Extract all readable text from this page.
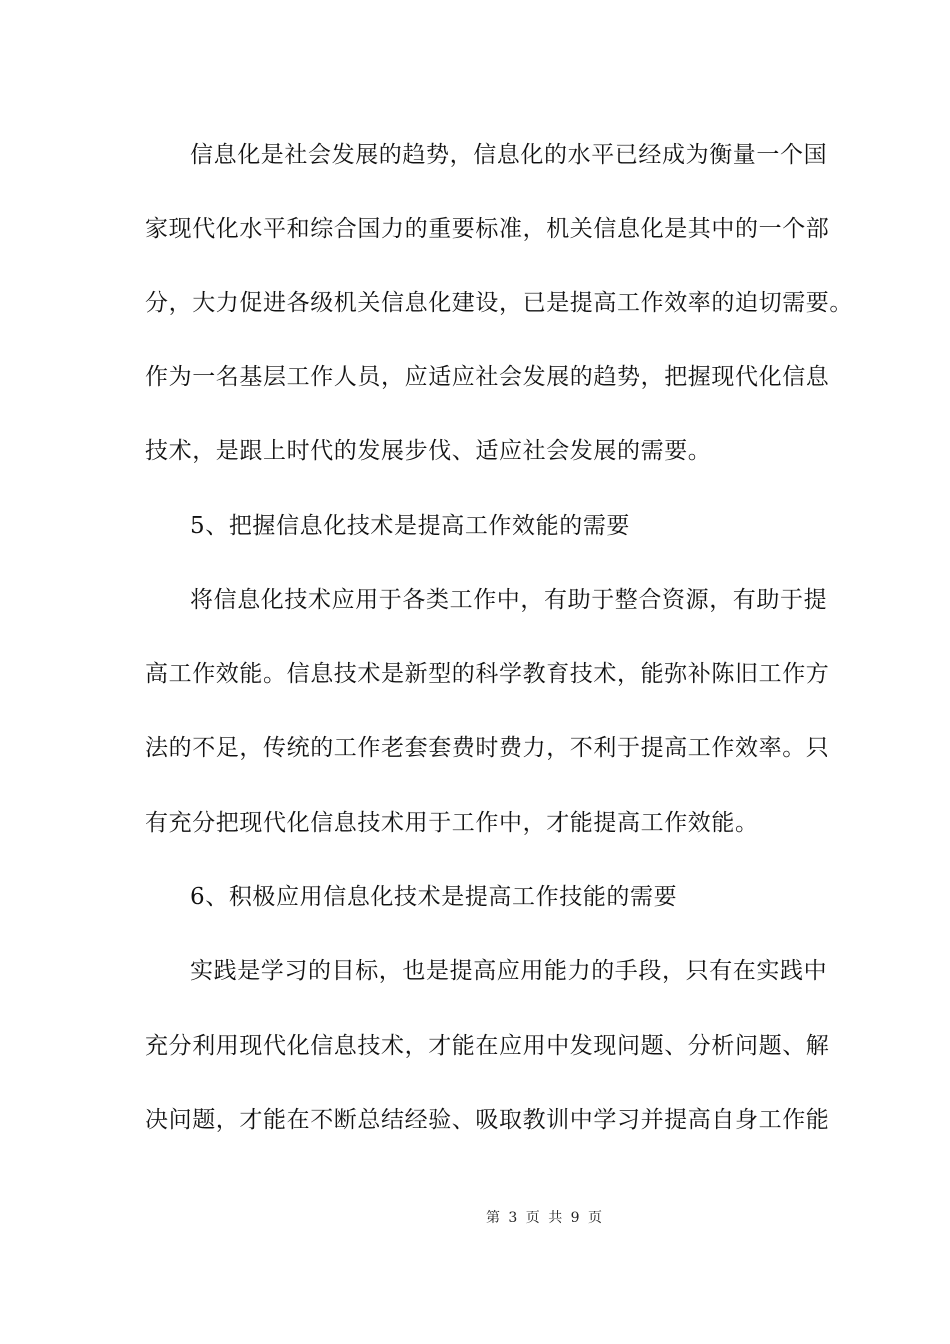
信息化是社会发展的趋势，信息化的水平已经成为衡量一个国
家现代化水平和综合国力的重要标准，机关信息化是其中的一个部
分，大力促进各级机关信息化建设，已是提高工作效率的迫切需要。
作为一名基层工作人员，应适应社会发展的趋势，把握现代化信息
技术，是跟上时代的发展步伐、适应社会发展的需要。
5、把握信息化技术是提高工作效能的需要
将信息化技术应用于各类工作中，有助于整合资源，有助于提
高工作效能。信息技术是新型的科学教育技术，能弥补陈旧工作方
法的不足，传统的工作老套套费时费力，不利于提高工作效率。只
有充分把现代化信息技术用于工作中，才能提高工作效能。
6、积极应用信息化技术是提高工作技能的需要
实践是学习的目标，也是提高应用能力的手段，只有在实践中
充分利用现代化信息技术，才能在应用中发现问题、分析问题、解
决问题，才能在不断总结经验、吸取教训中学习并提高自身工作能
第 3 页 共 9 页
